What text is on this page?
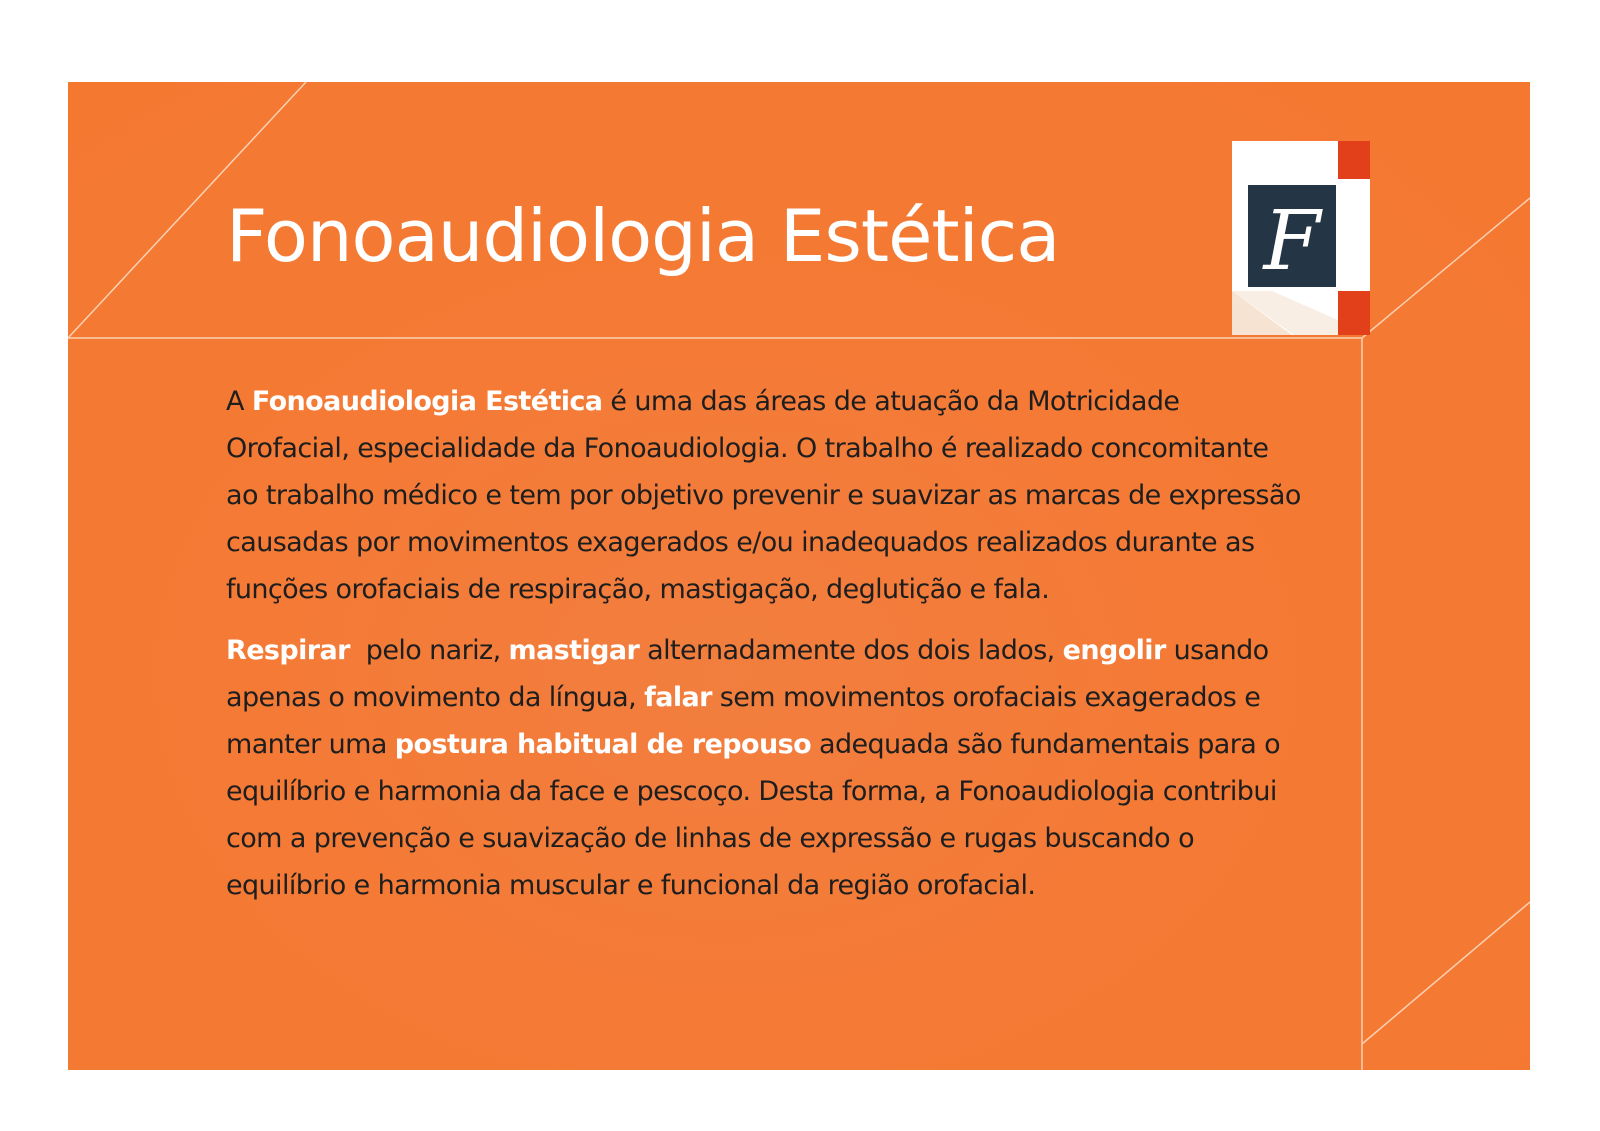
Fonoaudiologia Estética F

A Fonoaudiologia Estética é uma das áreas de atuação da Motricidade Orofacial, especialidade da Fonoaudiologia. O trabalho é realizado concomitante ao trabalho médico e tem por objetivo prevenir e suavizar as marcas de expressão causadas por movimentos exagerados e/ou inadequados realizados durante as funções orofaciais de respiração, mastigação, deglutição e fala.

Respirar  pelo nariz, mastigar alternadamente dos dois lados, engolir usando apenas o movimento da língua, falar sem movimentos orofaciais exagerados e manter uma postura habitual de repouso adequada são fundamentais para o equilíbrio e harmonia da face e pescoço. Desta forma, a Fonoaudiologia contribui com a prevenção e suavização de linhas de expressão e rugas buscando o equilíbrio e harmonia muscular e funcional da região orofacial.
